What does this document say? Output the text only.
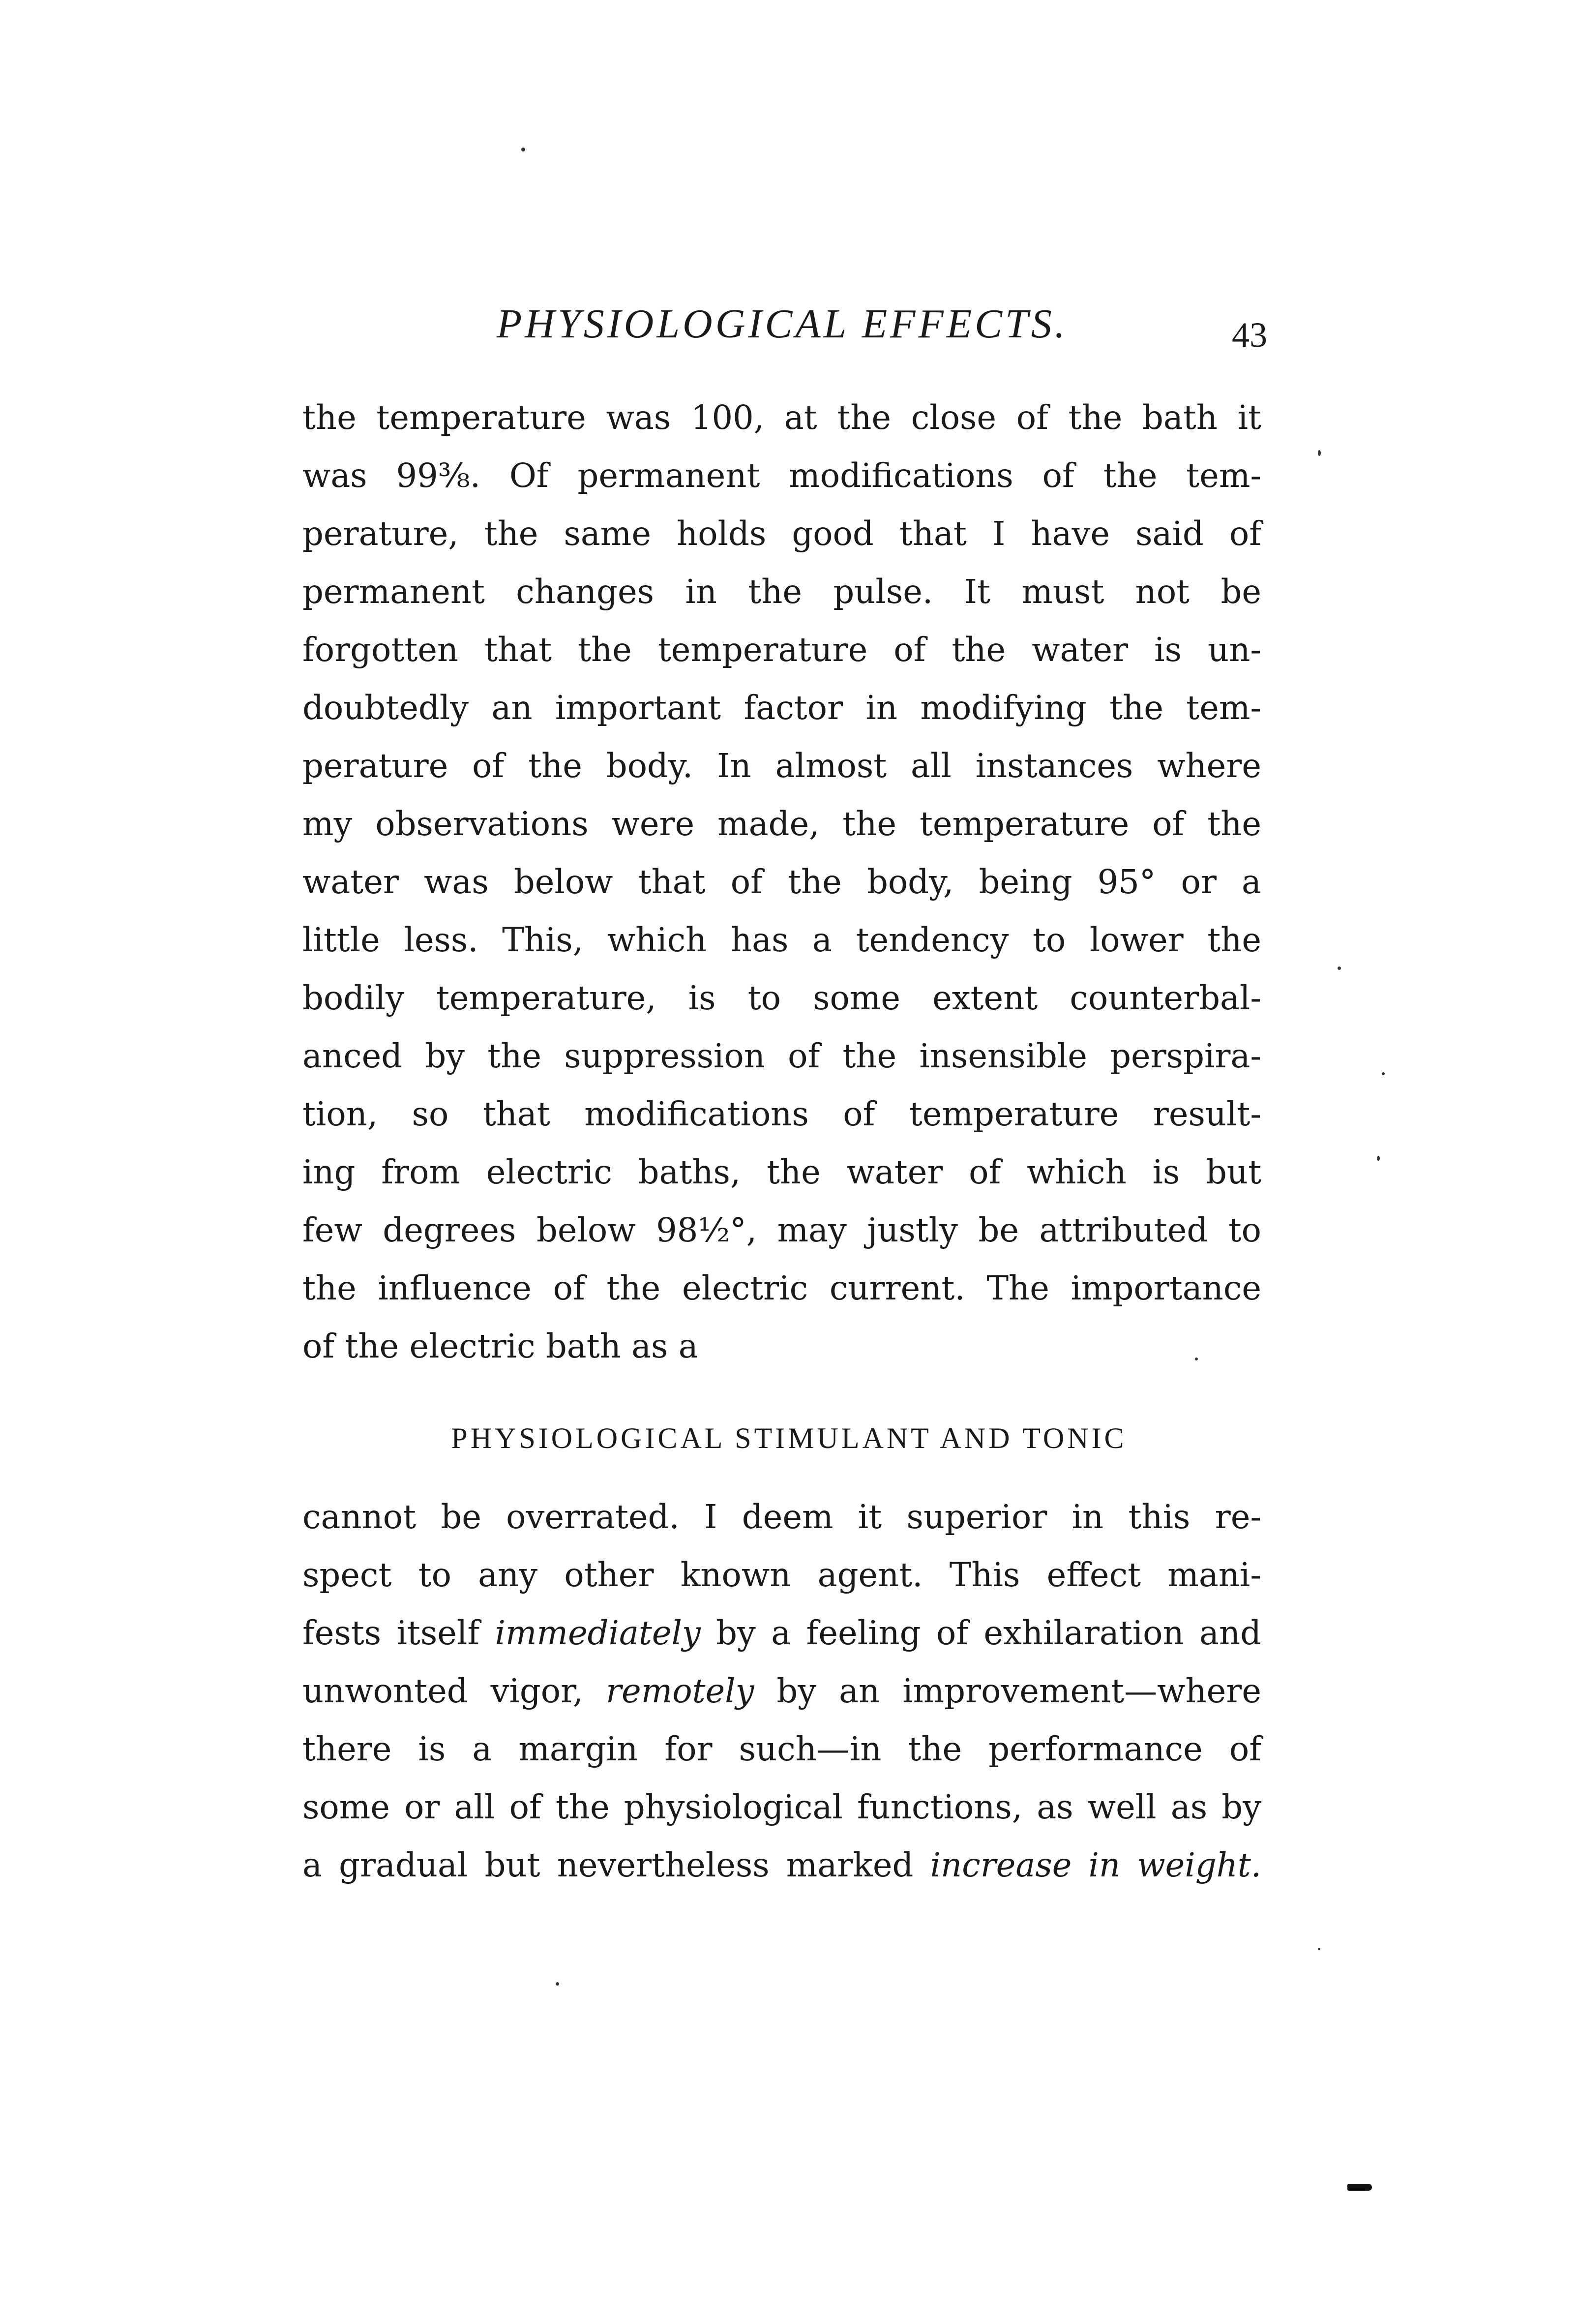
PHYSIOLOGICAL EFFECTS.	43
the temperature was 100, at the close of the bath it
was 99⅜. Of permanent modifications of the tem-
perature, the same holds good that I have said of
permanent changes in the pulse. It must not be
forgotten that the temperature of the water is un-
doubtedly an important factor in modifying the tem-
perature of the body. In almost all instances where
my observations were made, the temperature of the
water was below that of the body, being 95° or a
little less. This, which has a tendency to lower the
bodily temperature, is to some extent counterbal-
anced by the suppression of the insensible perspira-
tion, so that modifications of temperature result-
ing from electric baths, the water of which is but
few degrees below 98½°, may justly be attributed to
the influence of the electric current. The importance
of the electric bath as a
PHYSIOLOGICAL STIMULANT AND TONIC
cannot be overrated. I deem it superior in this re-
spect to any other known agent. This effect mani-
fests itself immediately by a feeling of exhilaration and
unwonted vigor, remotely by an improvement—where
there is a margin for such—in the performance of
some or all of the physiological functions, as well as by
a gradual but nevertheless marked increase in weight.
